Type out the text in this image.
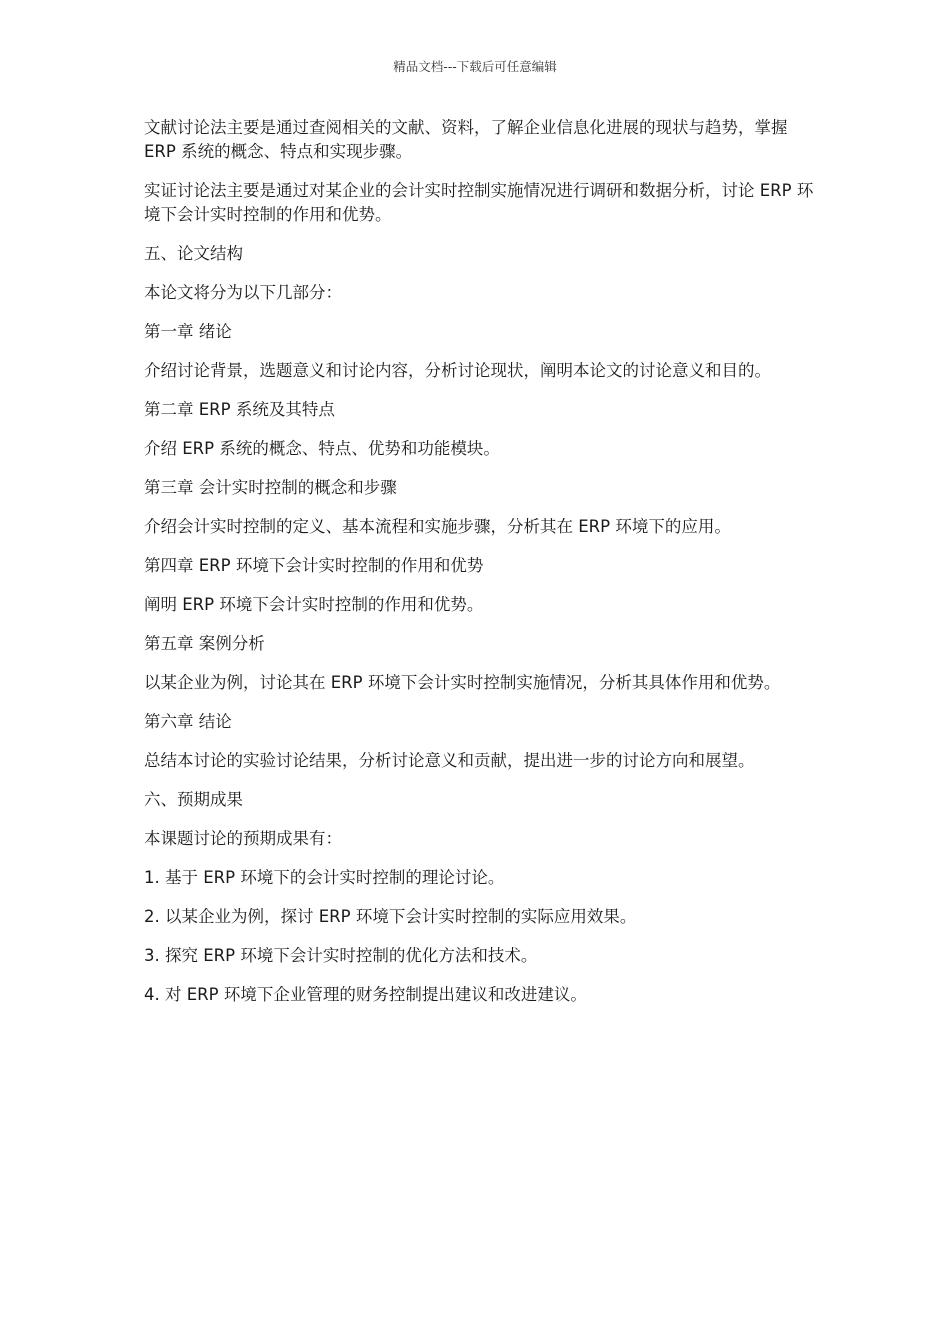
精品文档---下载后可任意编辑

文献讨论法主要是通过查阅相关的文献、资料，了解企业信息化进展的现状与趋势，掌握 ERP 系统的概念、特点和实现步骤。

实证讨论法主要是通过对某企业的会计实时控制实施情况进行调研和数据分析，讨论 ERP 环境下会计实时控制的作用和优势。

五、论文结构

本论文将分为以下几部分：

第一章 绪论

介绍讨论背景，选题意义和讨论内容，分析讨论现状，阐明本论文的讨论意义和目的。

第二章 ERP 系统及其特点

介绍 ERP 系统的概念、特点、优势和功能模块。

第三章 会计实时控制的概念和步骤

介绍会计实时控制的定义、基本流程和实施步骤，分析其在 ERP 环境下的应用。

第四章 ERP 环境下会计实时控制的作用和优势

阐明 ERP 环境下会计实时控制的作用和优势。

第五章 案例分析

以某企业为例，讨论其在 ERP 环境下会计实时控制实施情况，分析其具体作用和优势。

第六章 结论

总结本讨论的实验讨论结果，分析讨论意义和贡献，提出进一步的讨论方向和展望。

六、预期成果

本课题讨论的预期成果有：

1. 基于 ERP 环境下的会计实时控制的理论讨论。

2. 以某企业为例，探讨 ERP 环境下会计实时控制的实际应用效果。

3. 探究 ERP 环境下会计实时控制的优化方法和技术。

4. 对 ERP 环境下企业管理的财务控制提出建议和改进建议。
